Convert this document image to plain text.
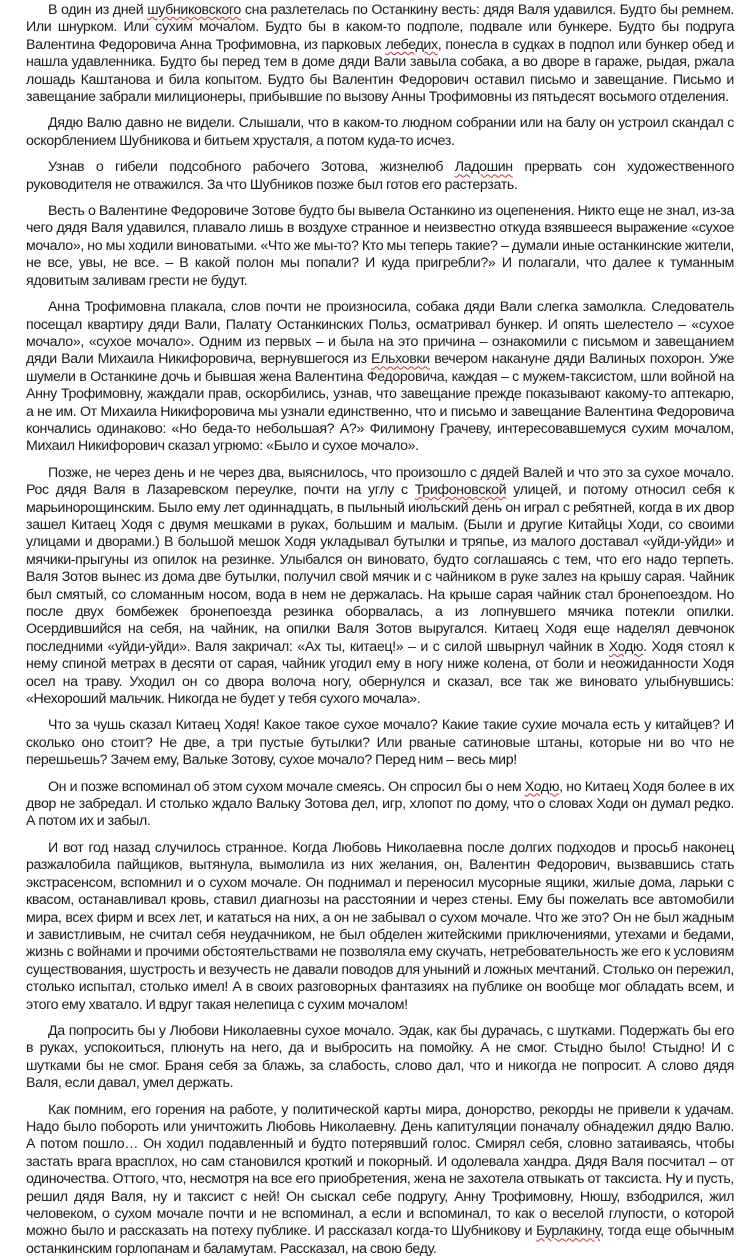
В один из дней шубниковского сна разлетелась по Останкину весть: дядя Валя удавился. Будто бы ремнем. Или шнурком. Или сухим мочалом. Будто бы в каком-то подполе, подвале или бункере. Будто бы подруга Валентина Федоровича Анна Трофимовна, из парковых лебедих, понесла в судках в подпол или бункер обед и нашла удавленника. Будто бы перед тем в доме дяди Вали завыла собака, а во дворе в гараже, рыдая, ржала лошадь Каштанова и била копытом. Будто бы Валентин Федорович оставил письмо и завещание. Письмо и завещание забрали милиционеры, прибывшие по вызову Анны Трофимовны из пятьдесят восьмого отделения.

Дядю Валю давно не видели. Слышали, что в каком-то людном собрании или на балу он устроил скандал с оскорблением Шубникова и битьем хрусталя, а потом куда-то исчез.

Узнав о гибели подсобного рабочего Зотова, жизнелюб Ладошин прервать сон художественного руководителя не отважился. За что Шубников позже был готов его растерзать.

Весть о Валентине Федоровиче Зотове будто бы вывела Останкино из оцепенения. Никто еще не знал, из-за чего дядя Валя удавился, плавало лишь в воздухе странное и неизвестно откуда взявшееся выражение «сухое мочало», но мы ходили виноватыми. «Что же мы-то? Кто мы теперь такие? – думали иные останкинские жители, не все, увы, не все. – В какой полон мы попали? И куда пригребли?» И полагали, что далее к туманным ядовитым заливам грести не будут.

Анна Трофимовна плакала, слов почти не произносила, собака дяди Вали слегка замолкла. Следователь посещал квартиру дяди Вали, Палату Останкинских Польз, осматривал бункер. И опять шелестело – «сухое мочало», «сухое мочало». Одним из первых – и была на это причина – ознакомили с письмом и завещанием дяди Вали Михаила Никифоровича, вернувшегося из Ельховки вечером накануне дяди Валиных похорон. Уже шумели в Останкине дочь и бывшая жена Валентина Федоровича, каждая – с мужем-таксистом, шли войной на Анну Трофимовну, жаждали прав, оскорбились, узнав, что завещание прежде показывают какому-то аптекарю, а не им. От Михаила Никифоровича мы узнали единственно, что и письмо и завещание Валентина Федоровича кончались одинаково: «Но беда-то небольшая? А?» Филимону Грачеву, интересовавшемуся сухим мочалом, Михаил Никифорович сказал угрюмо: «Было и сухое мочало».

Позже, не через день и не через два, выяснилось, что произошло с дядей Валей и что это за сухое мочало. Рос дядя Валя в Лазаревском переулке, почти на углу с Трифоновской улицей, и потому относил себя к марьинорощинским. Было ему лет одиннадцать, в пыльный июльский день он играл с ребятней, когда в их двор зашел Китаец Ходя с двумя мешками в руках, большим и малым. (Были и другие Китайцы Ходи, со своими улицами и дворами.) В большой мешок Ходя укладывал бутылки и тряпье, из малого доставал «уйди-уйди» и мячики-прыгуны из опилок на резинке. Улыбался он виновато, будто соглашаясь с тем, что его надо терпеть. Валя Зотов вынес из дома две бутылки, получил свой мячик и с чайником в руке залез на крышу сарая. Чайник был смятый, со сломанным носом, вода в нем не держалась. На крыше сарая чайник стал бронепоездом. Но после двух бомбежек бронепоезда резинка оборвалась, а из лопнувшего мячика потекли опилки. Осердившийся на себя, на чайник, на опилки Валя Зотов выругался. Китаец Ходя еще наделял девчонок последними «уйди-уйди». Валя закричал: «Ах ты, китаец!» – и с силой швырнул чайник в Ходю. Ходя стоял к нему спиной метрах в десяти от сарая, чайник угодил ему в ногу ниже колена, от боли и неожиданности Ходя осел на траву. Уходил он со двора волоча ногу, обернулся и сказал, все так же виновато улыбнувшись: «Нехороший мальчик. Никогда не будет у тебя сухого мочала».

Что за чушь сказал Китаец Ходя! Какое такое сухое мочало? Какие такие сухие мочала есть у китайцев? И сколько оно стоит? Не две, а три пустые бутылки? Или рваные сатиновые штаны, которые ни во что не перешьешь? Зачем ему, Вальке Зотову, сухое мочало? Перед ним – весь мир!

Он и позже вспоминал об этом сухом мочале смеясь. Он спросил бы о нем Ходю, но Китаец Ходя более в их двор не забредал. И столько ждало Вальку Зотова дел, игр, хлопот по дому, что о словах Ходи он думал редко. А потом их и забыл.

И вот год назад случилось странное. Когда Любовь Николаевна после долгих подходов и просьб наконец разжалобила пайщиков, вытянула, вымолила из них желания, он, Валентин Федорович, вызвавшись стать экстрасенсом, вспомнил и о сухом мочале. Он поднимал и переносил мусорные ящики, жилые дома, ларьки с квасом, останавливал кровь, ставил диагнозы на расстоянии и через стены. Ему бы пожелать все автомобили мира, всех фирм и всех лет, и кататься на них, а он не забывал о сухом мочале. Что же это? Он не был жадным и завистливым, не считал себя неудачником, не был обделен житейскими приключениями, утехами и бедами, жизнь с войнами и прочими обстоятельствами не позволяла ему скучать, нетребовательность же его к условиям существования, шустрость и везучесть не давали поводов для уныний и ложных мечтаний. Столько он пережил, столько испытал, столько имел! А в своих разговорных фантазиях на публике он вообще мог обладать всем, и этого ему хватало. И вдруг такая нелепица с сухим мочалом!

Да попросить бы у Любови Николаевны сухое мочало. Эдак, как бы дурачась, с шутками. Подержать бы его в руках, успокоиться, плюнуть на него, да и выбросить на помойку. А не смог. Стыдно было! Стыдно! И с шутками бы не смог. Браня себя за блажь, за слабость, слово дал, что и никогда не попросит. А слово дядя Валя, если давал, умел держать.

Как помним, его горения на работе, у политической карты мира, донорство, рекорды не привели к удачам. Надо было побороть или уничтожить Любовь Николаевну. День капитуляции поначалу обнадежил дядю Валю. А потом пошло… Он ходил подавленный и будто потерявший голос. Смирял себя, словно затаиваясь, чтобы застать врага врасплох, но сам становился кроткий и покорный. И одолевала хандра. Дядя Валя посчитал – от одиночества. Оттого, что, несмотря на все его приобретения, жена не захотела отвыкать от таксиста. Ну и пусть, решил дядя Валя, ну и таксист с ней! Он сыскал себе подругу, Анну Трофимовну, Нюшу, взбодрился, жил человеком, о сухом мочале почти и не вспоминал, а если и вспоминал, то как о веселой глупости, о которой можно было и рассказать на потеху публике. И рассказал когда-то Шубникову и Бурлакину, тогда еще обычным останкинским горлопанам и баламутам. Рассказал, на свою беду.
